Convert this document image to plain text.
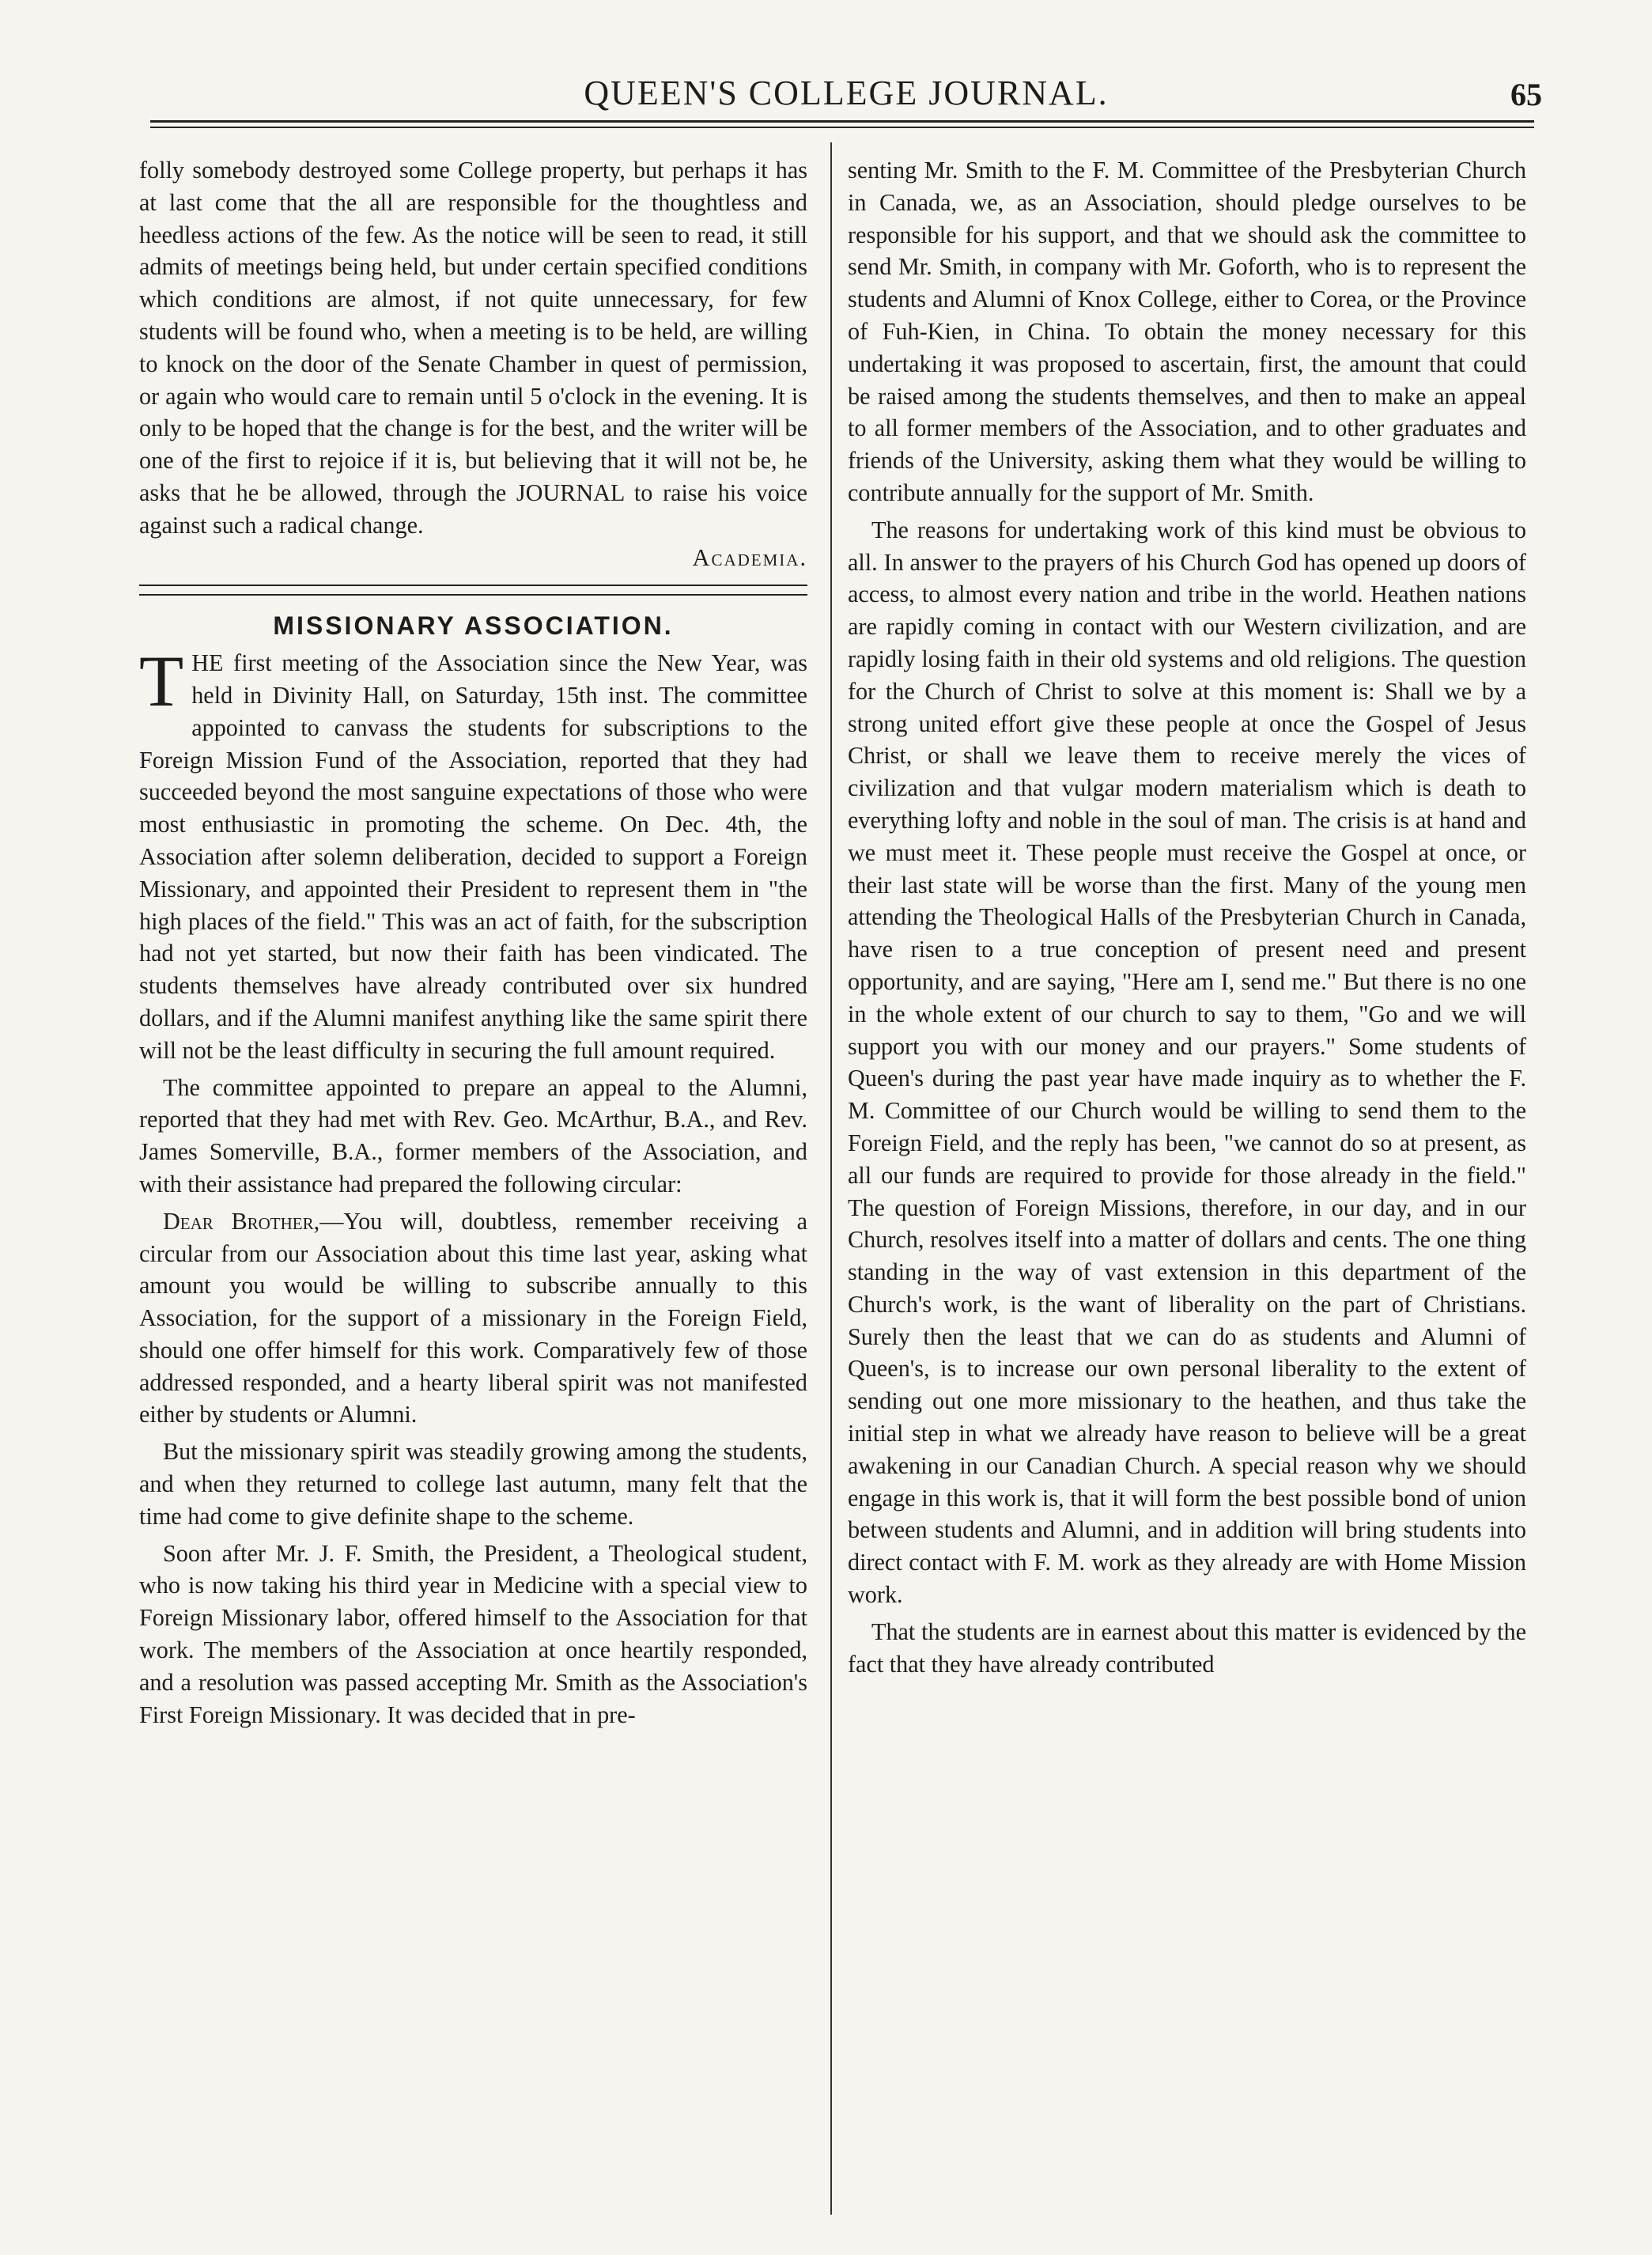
QUEEN'S COLLEGE JOURNAL.	65

folly somebody destroyed some College property, but perhaps it has at last come that the all are responsible for the thoughtless and heedless actions of the few. As the notice will be seen to read, it still admits of meetings being held, but under certain specified conditions which conditions are almost, if not quite unnecessary, for few students will be found who, when a meeting is to be held, are willing to knock on the door of the Senate Chamber in quest of permission, or again who would care to remain until 5 o'clock in the evening. It is only to be hoped that the change is for the best, and the writer will be one of the first to rejoice if it is, but believing that it will not be, he asks that he be allowed, through the JOURNAL to raise his voice against such a radical change.

Academia.

MISSIONARY ASSOCIATION.

THE first meeting of the Association since the New Year, was held in Divinity Hall, on Saturday, 15th inst. The committee appointed to canvass the students for subscriptions to the Foreign Mission Fund of the Association, reported that they had succeeded beyond the most sanguine expectations of those who were most enthusiastic in promoting the scheme. On Dec. 4th, the Association after solemn deliberation, decided to support a Foreign Missionary, and appointed their President to represent them in "the high places of the field." This was an act of faith, for the subscription had not yet started, but now their faith has been vindicated. The students themselves have already contributed over six hundred dollars, and if the Alumni manifest anything like the same spirit there will not be the least difficulty in securing the full amount required.

The committee appointed to prepare an appeal to the Alumni, reported that they had met with Rev. Geo. McArthur, B.A., and Rev. James Somerville, B.A., former members of the Association, and with their assistance had prepared the following circular:

Dear Brother,—You will, doubtless, remember receiving a circular from our Association about this time last year, asking what amount you would be willing to subscribe annually to this Association, for the support of a missionary in the Foreign Field, should one offer himself for this work. Comparatively few of those addressed responded, and a hearty liberal spirit was not manifested either by students or Alumni.

But the missionary spirit was steadily growing among the students, and when they returned to college last autumn, many felt that the time had come to give definite shape to the scheme.

Soon after Mr. J. F. Smith, the President, a Theological student, who is now taking his third year in Medicine with a special view to Foreign Missionary labor, offered himself to the Association for that work. The members of the Association at once heartily responded, and a resolution was passed accepting Mr. Smith as the Association's First Foreign Missionary. It was decided that in pre-

senting Mr. Smith to the F. M. Committee of the Presbyterian Church in Canada, we, as an Association, should pledge ourselves to be responsible for his support, and that we should ask the committee to send Mr. Smith, in company with Mr. Goforth, who is to represent the students and Alumni of Knox College, either to Corea, or the Province of Fuh-Kien, in China. To obtain the money necessary for this undertaking it was proposed to ascertain, first, the amount that could be raised among the students themselves, and then to make an appeal to all former members of the Association, and to other graduates and friends of the University, asking them what they would be willing to contribute annually for the support of Mr. Smith.

The reasons for undertaking work of this kind must be obvious to all. In answer to the prayers of his Church God has opened up doors of access, to almost every nation and tribe in the world. Heathen nations are rapidly coming in contact with our Western civilization, and are rapidly losing faith in their old systems and old religions. The question for the Church of Christ to solve at this moment is: Shall we by a strong united effort give these people at once the Gospel of Jesus Christ, or shall we leave them to receive merely the vices of civilization and that vulgar modern materialism which is death to everything lofty and noble in the soul of man. The crisis is at hand and we must meet it. These people must receive the Gospel at once, or their last state will be worse than the first. Many of the young men attending the Theological Halls of the Presbyterian Church in Canada, have risen to a true conception of present need and present opportunity, and are saying, "Here am I, send me." But there is no one in the whole extent of our church to say to them, "Go and we will support you with our money and our prayers." Some students of Queen's during the past year have made inquiry as to whether the F. M. Committee of our Church would be willing to send them to the Foreign Field, and the reply has been, "we cannot do so at present, as all our funds are required to provide for those already in the field." The question of Foreign Missions, therefore, in our day, and in our Church, resolves itself into a matter of dollars and cents. The one thing standing in the way of vast extension in this department of the Church's work, is the want of liberality on the part of Christians. Surely then the least that we can do as students and Alumni of Queen's, is to increase our own personal liberality to the extent of sending out one more missionary to the heathen, and thus take the initial step in what we already have reason to believe will be a great awakening in our Canadian Church. A special reason why we should engage in this work is, that it will form the best possible bond of union between students and Alumni, and in addition will bring students into direct contact with F. M. work as they already are with Home Mission work.

That the students are in earnest about this matter is evidenced by the fact that they have already contributed
